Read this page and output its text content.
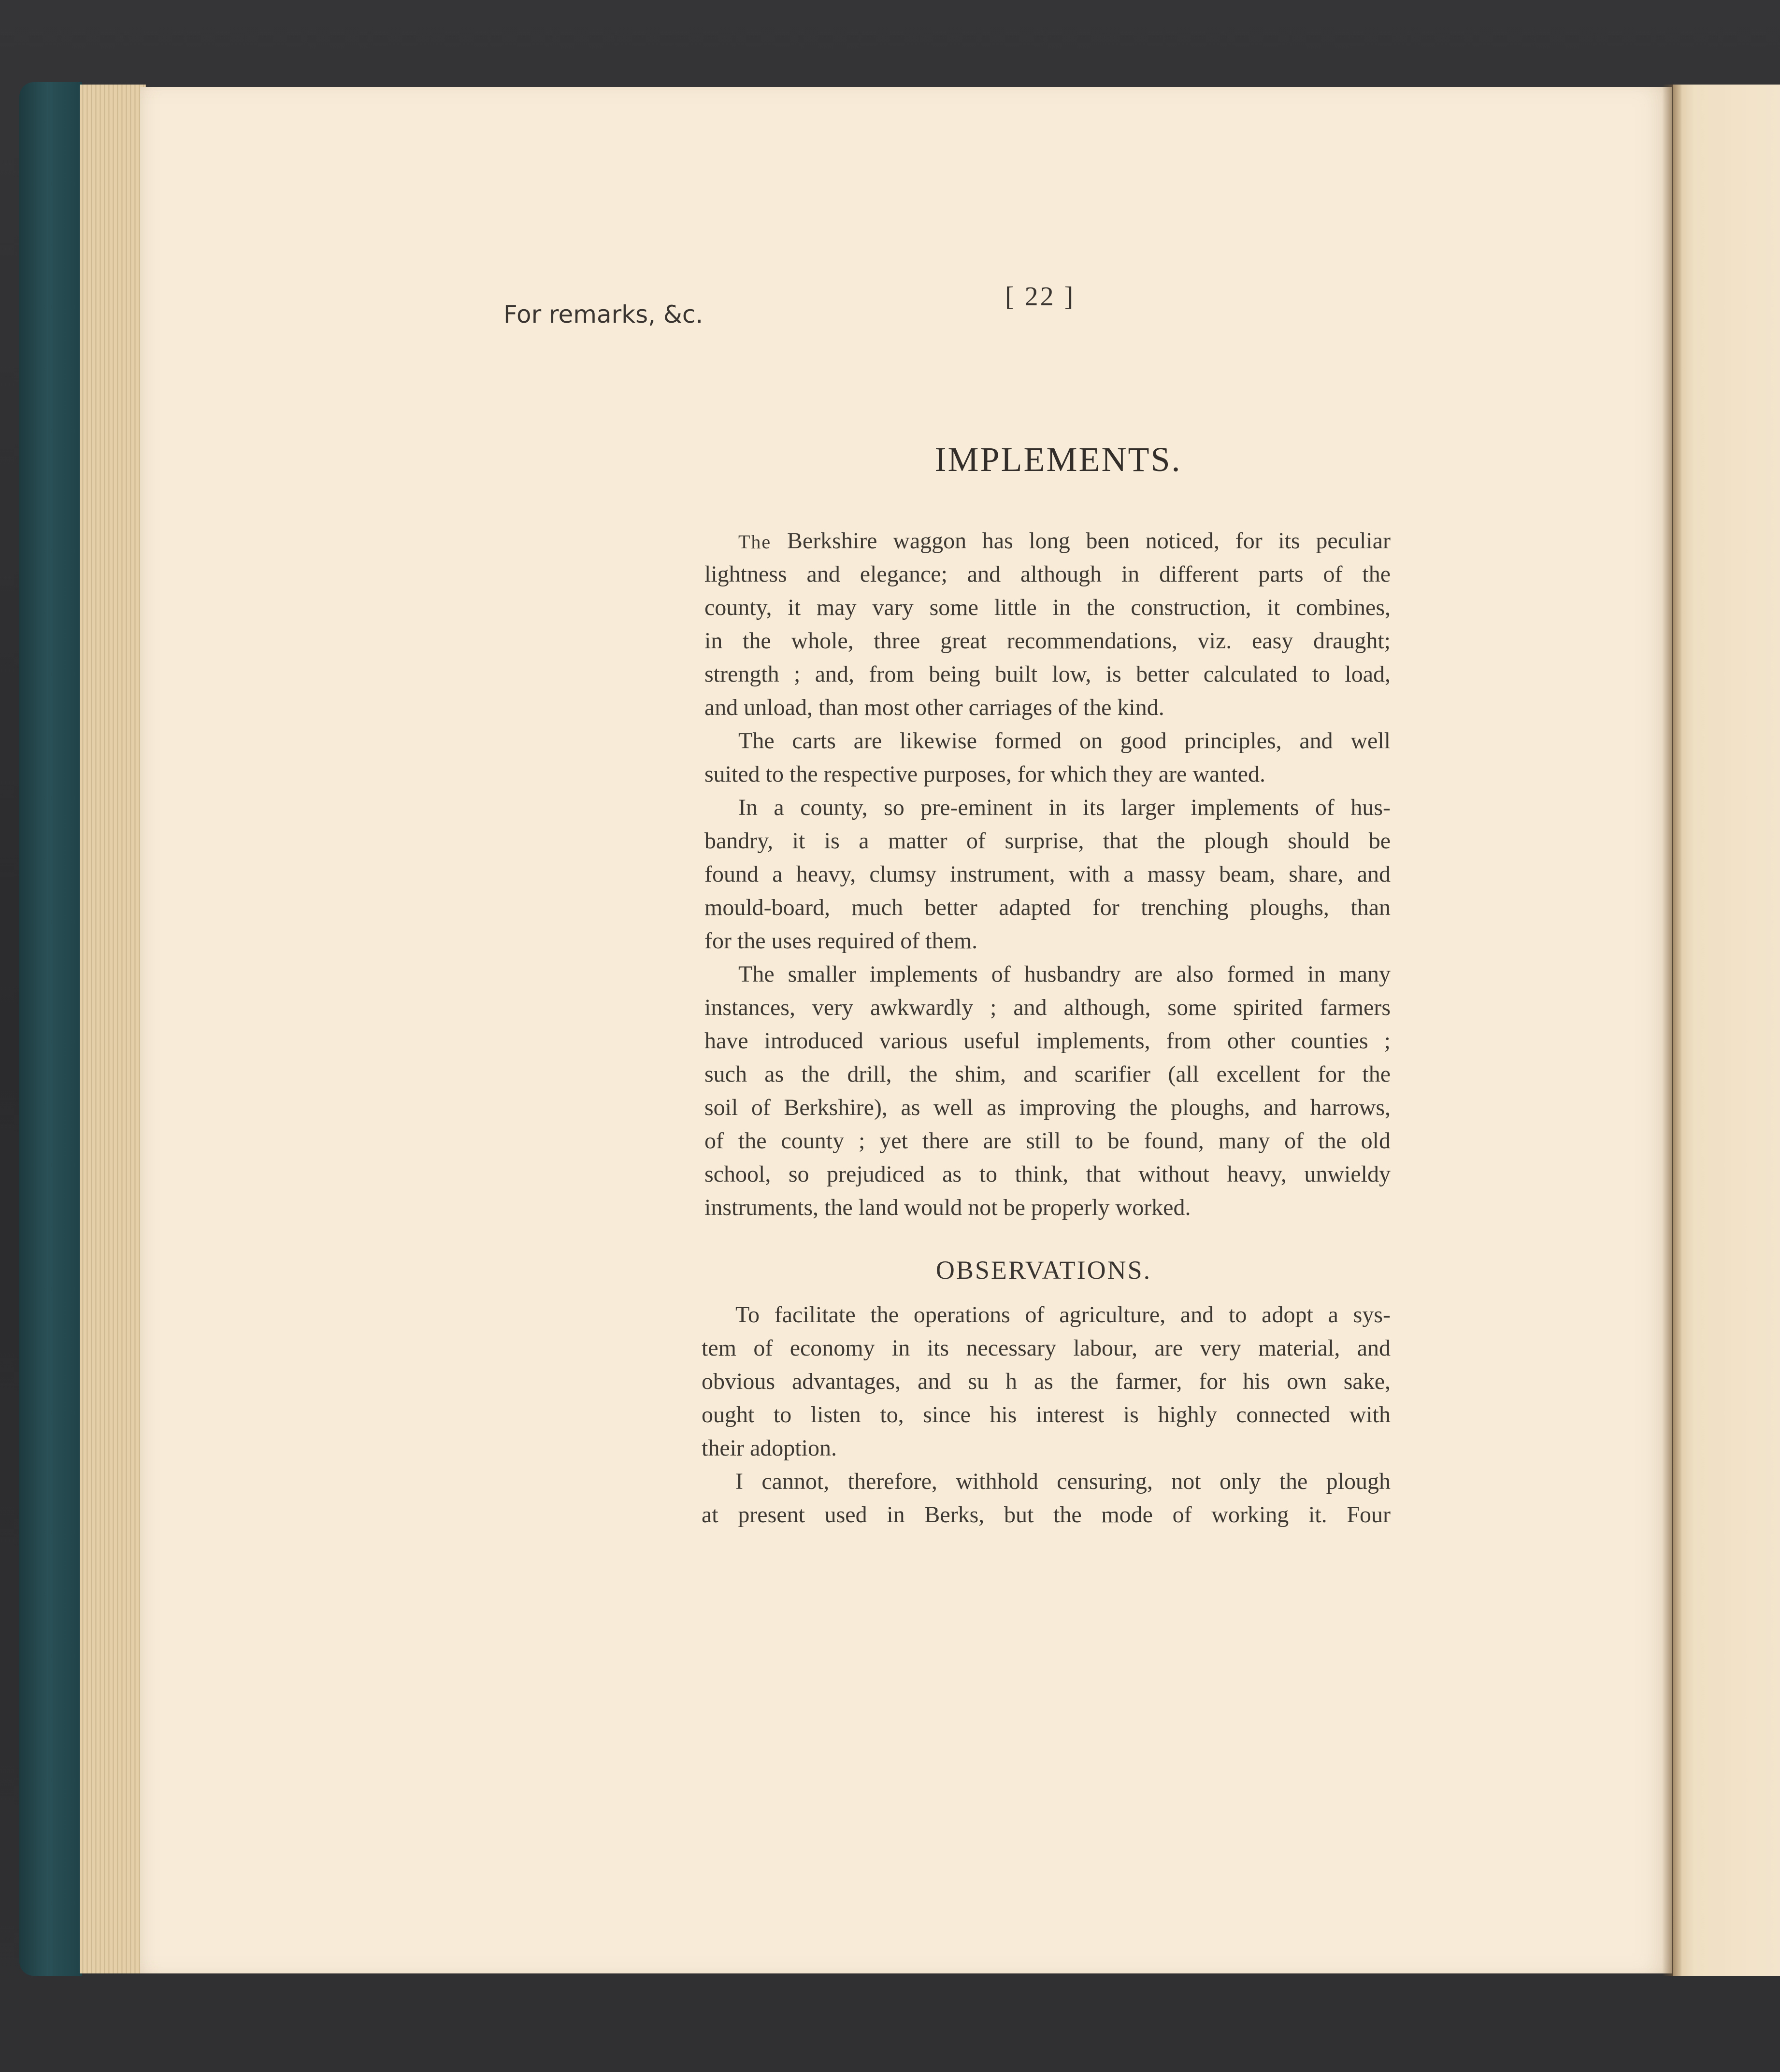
For remarks, &c.
[ 22 ]
IMPLEMENTS.
The Berkshire waggon has long been noticed, for its peculiar
lightness and elegance; and although in different parts of the
county, it may vary some little in the construction, it combines,
in the whole, three great recommendations, viz. easy draught;
strength ; and, from being built low, is better calculated to load,
and unload, than most other carriages of the kind.
The carts are likewise formed on good principles, and well
suited to the respective purposes, for which they are wanted.
In a county, so pre-eminent in its larger implements of hus-
bandry, it is a matter of surprise, that the plough should be
found a heavy, clumsy instrument, with a massy beam, share, and
mould-board, much better adapted for trenching ploughs, than
for the uses required of them.
The smaller implements of husbandry are also formed in many
instances, very awkwardly ; and although, some spirited farmers
have introduced various useful implements, from other counties ;
such as the drill, the shim, and scarifier (all excellent for the
soil of Berkshire), as well as improving the ploughs, and harrows,
of the county ; yet there are still to be found, many of the old
school, so prejudiced as to think, that without heavy, unwieldy
instruments, the land would not be properly worked.
OBSERVATIONS.
To facilitate the operations of agriculture, and to adopt a sys-
tem of economy in its necessary labour, are very material, and
obvious advantages, and su h as the farmer, for his own sake,
ought to listen to, since his interest is highly connected with
their adoption.
I cannot, therefore, withhold censuring, not only the plough
at present used in Berks, but the mode of working it. Four
